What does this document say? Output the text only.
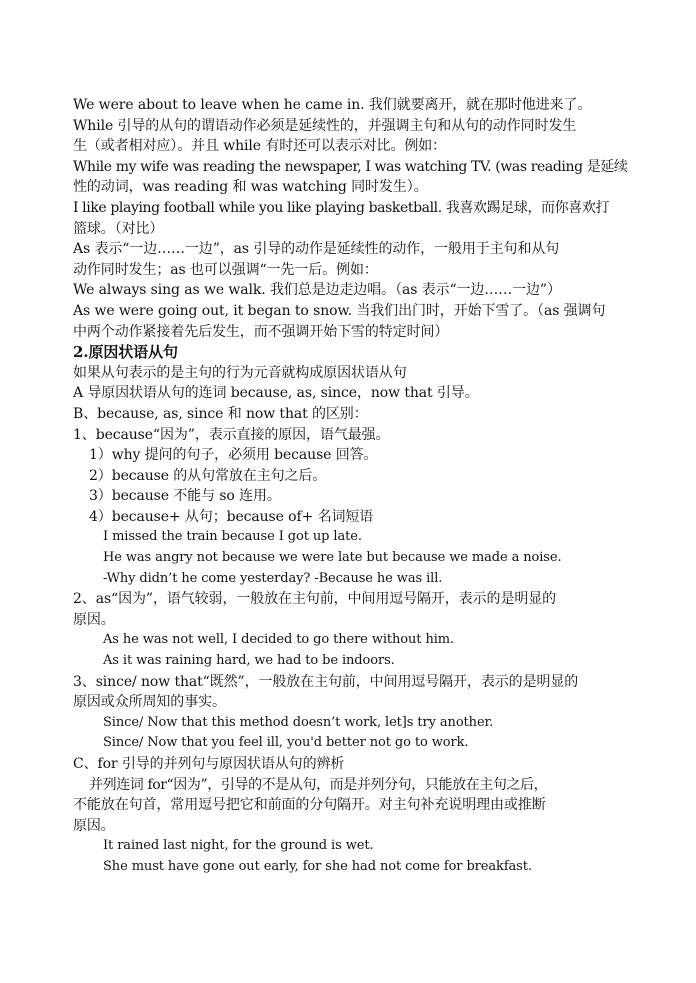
We were about to leave when he came in. 我们就要离开，就在那时他进来了。
While 引导的从句的谓语动作必须是延续性的，并强调主句和从句的动作同时发生
生（或者相对应）。并且 while 有时还可以表示对比。例如：
While my wife was reading the newspaper, I was watching TV. (was reading 是延续
性的动词，was reading 和 was watching 同时发生）。
I like playing football while you like playing basketball. 我喜欢踢足球，而你喜欢打
篮球。（对比）
As 表示“一边……一边”，as 引导的动作是延续性的动作，一般用于主句和从句
动作同时发生；as 也可以强调“一先一后。例如：
We always sing as we walk. 我们总是边走边唱。（as 表示“一边……一边”）
As we were going out, it began to snow. 当我们出门时，开始下雪了。（as 强调句
中两个动作紧接着先后发生，而不强调开始下雪的特定时间）
2.原因状语从句
如果从句表示的是主句的行为元音就构成原因状语从句
A 导原因状语从句的连词 because, as, since，now that 引导。
B、because, as, since 和 now that 的区别：
1、because“因为”，表示直接的原因，语气最强。
1）why 提问的句子，必须用 because 回答。
2）because 的从句常放在主句之后。
3）because 不能与 so 连用。
4）because+ 从句；because of+ 名词短语
I missed the train because I got up late.
He was angry not because we were late but because we made a noise.
-Why didn’t he come yesterday? -Because he was ill.
2、as“因为”，语气较弱，一般放在主句前，中间用逗号隔开，表示的是明显的
原因。
As he was not well, I decided to go there without him.
As it was raining hard, we had to be indoors.
3、since/ now that“既然”，一般放在主句前，中间用逗号隔开，表示的是明显的
原因或众所周知的事实。
Since/ Now that this method doesn’t work, let]s try another.
Since/ Now that you feel ill, you'd better not go to work.
C、for 引导的并列句与原因状语从句的辨析
并列连词 for“因为”，引导的不是从句，而是并列分句，只能放在主句之后，
不能放在句首，常用逗号把它和前面的分句隔开。对主句补充说明理由或推断
原因。
It rained last night, for the ground is wet.
She must have gone out early, for she had not come for breakfast.
